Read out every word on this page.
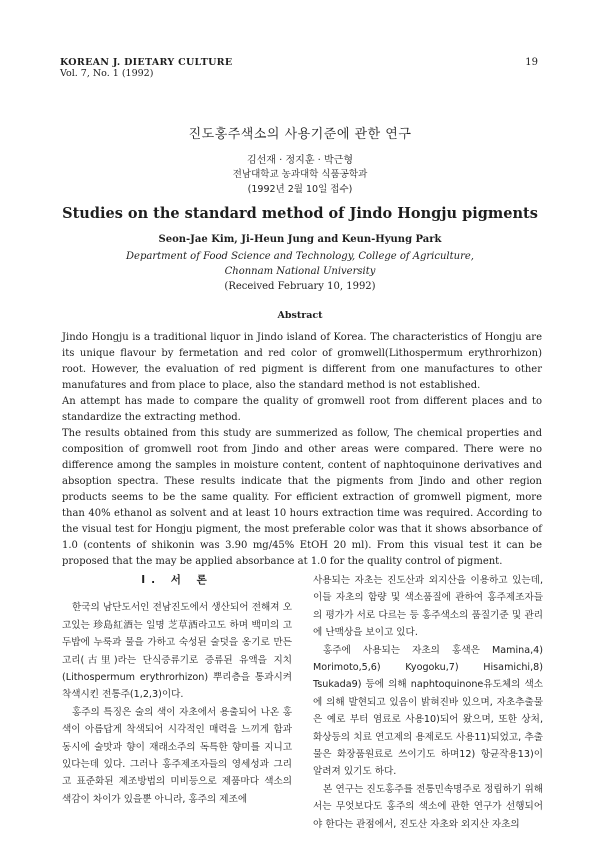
KOREAN J. DIETARY CULTURE
Vol. 7, No. 1 (1992)
19
진도홍주색소의 사용기준에 관한 연구
김선재 · 정지훈 · 박근형
전남대학교 농과대학 식품공학과
(1992년 2월 10일 접수)
Studies on the standard method of Jindo Hongju pigments
Seon-Jae Kim, Ji-Heun Jung and Keun-Hyung Park
Department of Food Science and Technology, College of Agriculture,
Chonnam National University
(Received February 10, 1992)
Abstract

Jindo Hongju is a traditional liquor in Jindo island of Korea. The characteristics of Hongju are its unique flavour by fermetation and red color of gromwell(Lithospermum erythrorhizon) root. However, the evaluation of red pigment is different from one manufactures to other manufatures and from place to place, also the standard method is not established.

An attempt has made to compare the quality of gromwell root from different places and to standardize the extracting method.

The results obtained from this study are summerized as follow, The chemical properties and composition of gromwell root from Jindo and other areas were compared. There were no difference among the samples in moisture content, content of naphtoquinone derivatives and absoption spectra. These results indicate that the pigments from Jindo and other region products seems to be the same quality. For efficient extraction of gromwell pigment, more than 40% ethanol as solvent and at least 10 hours extraction time was required. According to the visual test for Hongju pigment, the most preferable color was that it shows absorbance of 1.0 (contents of shikonin was 3.90 mg/45% EtOH 20 ml). From this visual test it can be proposed that the may be applied absorbance at 1.0 for the quality control of pigment.

I. 서 론

한국의 남단도서인 전남진도에서 생산되어 전해져 오고있는 珍島紅酒는 일명 芝草酒라고도 하며 백미의 고두밥에 누룩과 물을 가하고 숙성된 술덧을 옹기로 만든 고리(古里)라는 단식증류기로 증류된 유액을 지치(Lithospermum erythrorhizon) 뿌리층을 통과시켜 착색시킨 전통주(1,2,3)이다.

홍주의 특징은 술의 색이 자초에서 용출되어 나온 홍색이 아름답게 착색되어 시각적인 매력을 느끼게 함과 동시에 술맛과 향이 재래소주의 독특한 향미를 지니고 있다는데 있다. 그러나 홍주제조자들의 영세성과 그리고 표준화된 제조방법의 미비등으로 제품마다 색소의 색감이 차이가 있을뿐 아니라, 홍주의 제조에

사용되는 자초는 진도산과 외지산을 이용하고 있는데, 이들 자초의 함량 및 색소품질에 관하여 홍주제조자들의 평가가 서로 다르는 등 홍주색소의 품질기준 및 관리에 난맥상을 보이고 있다.

홍주에 사용되는 자초의 홍색은 Mamina,4) Morimoto,5,6) Kyogoku,7) Hisamichi,8) Tsukada9) 등에 의해 naphtoquinone유도체의 색소에 의해 발현되고 있음이 밝혀진바 있으며, 자초추출물은 예로 부터 염료로 사용10)되어 왔으며, 또한 상처, 화상등의 치료 연고제의 용제로도 사용11)되었고, 추출물은 화장품원료로 쓰이기도 하며12) 항균작용13)이 알려져 있기도 하다.

본 연구는 진도홍주를 전통민속명주로 정립하기 위해서는 무엇보다도 홍주의 색소에 관한 연구가 선행되어야 한다는 관점에서, 진도산 자초와 외지산 자초의
